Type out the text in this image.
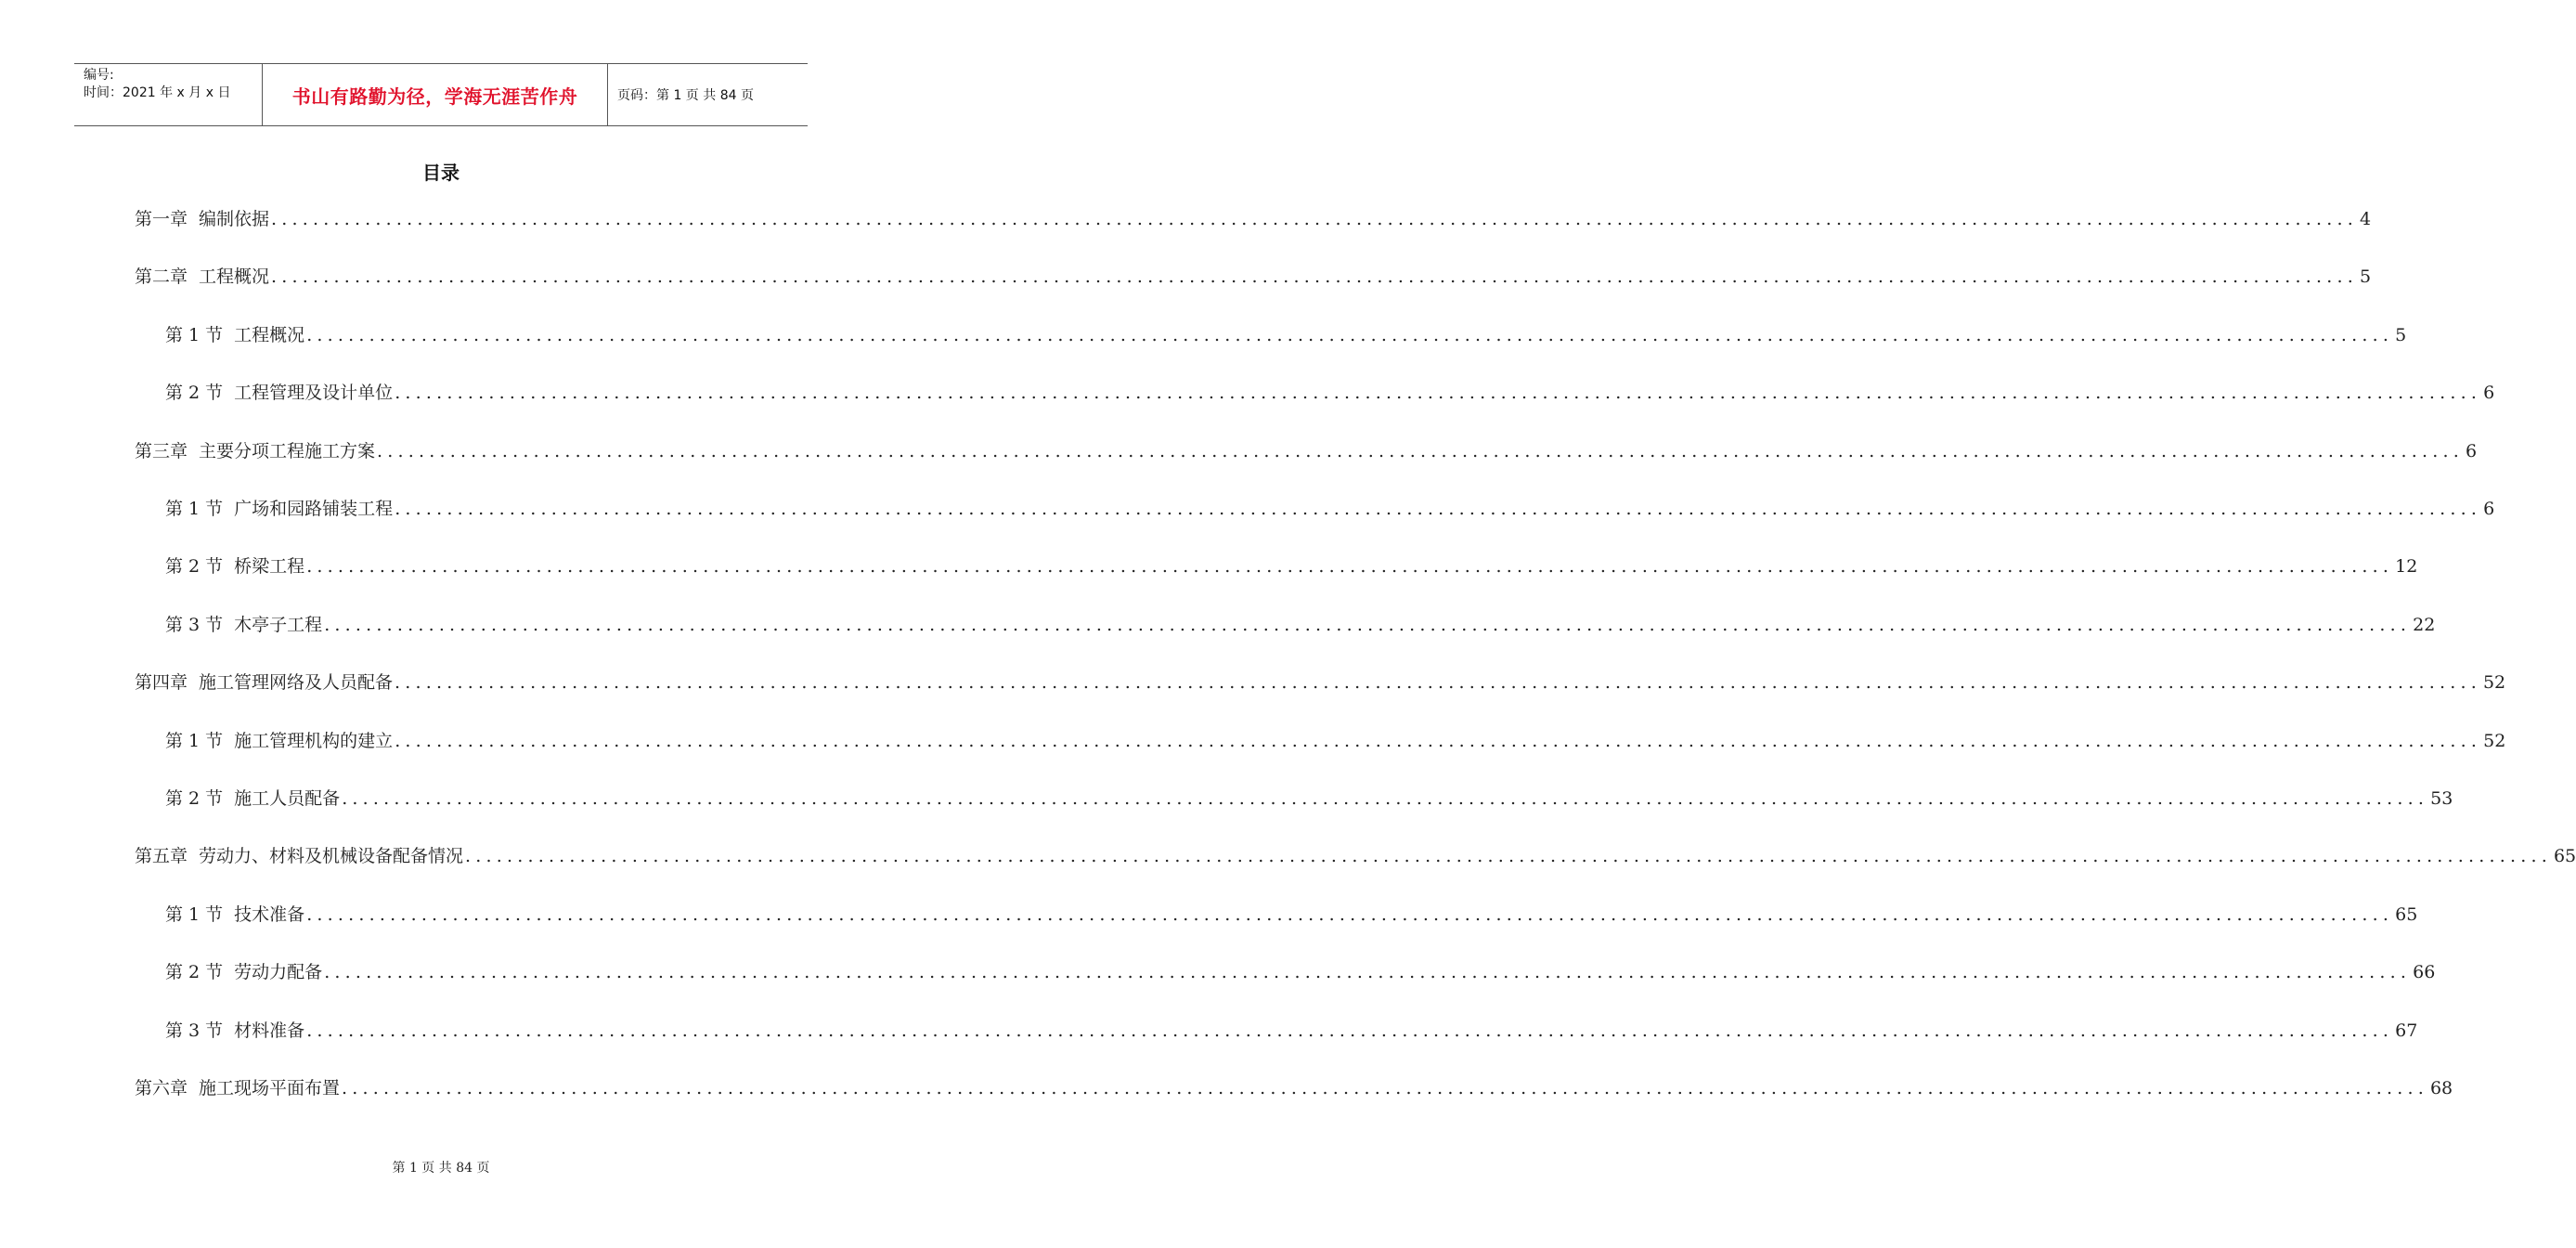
编号:
时间：2021 年 x 月 x 日	书山有路勤为径，学海无涯苦作舟	页码：第 1 页 共 84 页
目录
第一章 编制依据 ........................................................................................................................................................................................................ 4
第二章 工程概况 ........................................................................................................................................................................................................ 5
第 1 节 工程概况 ........................................................................................................................................................................................................ 5
第 2 节 工程管理及设计单位 ........................................................................................................................................................................................................ 6
第三章 主要分项工程施工方案 ........................................................................................................................................................................................................ 6
第 1 节 广场和园路铺装工程 ........................................................................................................................................................................................................ 6
第 2 节 桥梁工程 ........................................................................................................................................................................................................ 12
第 3 节 木亭子工程 ........................................................................................................................................................................................................ 22
第四章 施工管理网络及人员配备 ........................................................................................................................................................................................................ 52
第 1 节 施工管理机构的建立 ........................................................................................................................................................................................................ 52
第 2 节 施工人员配备 ........................................................................................................................................................................................................ 53
第五章 劳动力、材料及机械设备配备情况 ........................................................................................................................................................................................................ 65
第 1 节 技术准备 ........................................................................................................................................................................................................ 65
第 2 节 劳动力配备 ........................................................................................................................................................................................................ 66
第 3 节 材料准备 ........................................................................................................................................................................................................ 67
第六章 施工现场平面布置 ........................................................................................................................................................................................................ 68
第 1 页 共 84 页
